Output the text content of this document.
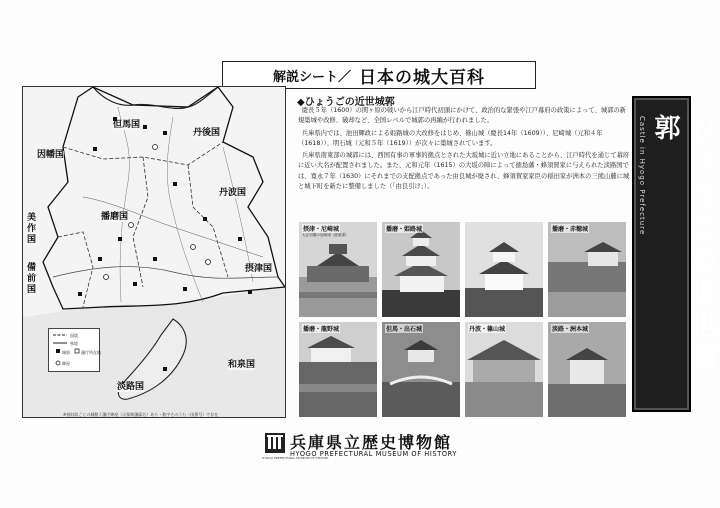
解説シート／ 日本の城大百科
但馬国
丹後国
因幡国
美作国
備前国
播磨国
丹波国
摂津国
淡路国
和泉国
国境
県境
城郭	藩庁所在地
陣屋
※県財政ごとの城館 / 藩庁陣屋（天保期藩邸名）あり・数字そのうち一国番号）で存在
◆ひょうごの近世城郭

慶長５年（1600）の関ヶ原の戦いから江戸時代初頭にかけて、政治的な緊張や江戸幕府の政策によって、城郭の新規築城や改修、破却など、全国レベルで城郭の再編が行われました。

兵庫県内では、池田輝政による姫路城の大改修をはじめ、篠山城（慶長14年（1609））、尼崎城（元和４年（1618））、明石城（元和５年（1619））が次々に築城されています。

兵庫県南東部の城郭には、西国有事の軍事的拠点とされた大坂城に近い立地にあることから、江戸時代を通じて幕府に近い大名が配置されました。また、元和元年（1615）の大坂の陣によって徳島藩・蜂須賀家に与えられた淡路国では、寛永７年（1630）にそれまでの支配拠点であった由良城が廃され、蜂須賀家家臣の稲田家が洲本の三熊山麓に城と城下町を新たに整備しました（「由良引け」）。	Castle in Hyogo Prefecture	ひょうごの近世城郭
摂津・尼崎城
大正初期の尼崎城（絵葉書）
播磨・姫路城	播磨・赤穂城
播磨・龍野城	但馬・出石城	丹波・篠山城	淡路・洲本城
HYOGO PREFECTURAL MUSEUM OF HISTORY
兵庫県立歴史博物館
HYOGO PREFECTURAL MUSEUM OF HISTORY
